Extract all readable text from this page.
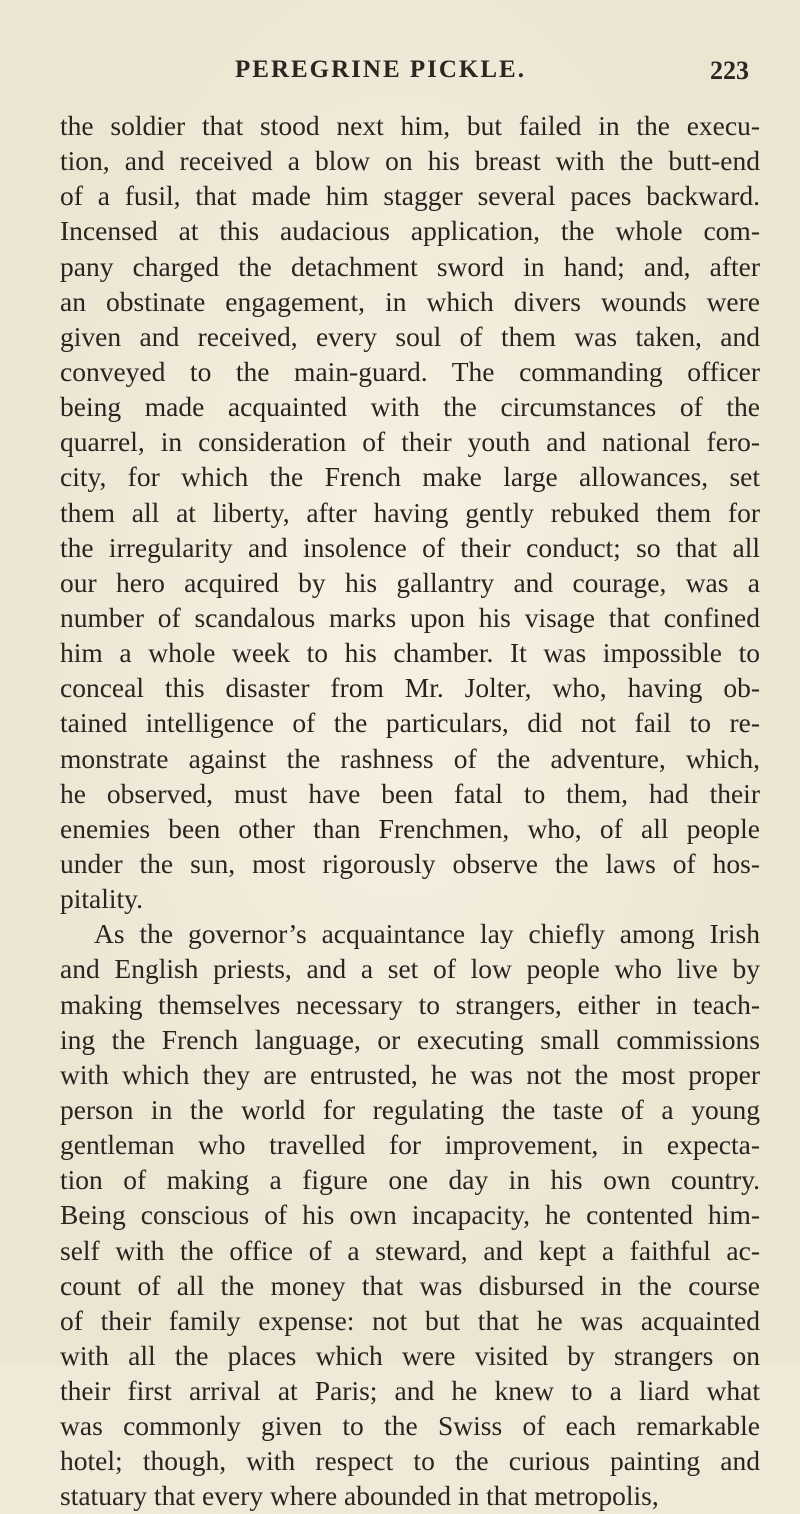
PEREGRINE PICKLE.	223
the soldier that stood next him, but failed in the execu-
tion, and received a blow on his breast with the butt-end
of a fusil, that made him stagger several paces backward.
Incensed at this audacious application, the whole com-
pany charged the detachment sword in hand; and, after
an obstinate engagement, in which divers wounds were
given and received, every soul of them was taken, and
conveyed to the main-guard. The commanding officer
being made acquainted with the circumstances of the
quarrel, in consideration of their youth and national fero-
city, for which the French make large allowances, set
them all at liberty, after having gently rebuked them for
the irregularity and insolence of their conduct; so that all
our hero acquired by his gallantry and courage, was a
number of scandalous marks upon his visage that confined
him a whole week to his chamber. It was impossible to
conceal this disaster from Mr. Jolter, who, having ob-
tained intelligence of the particulars, did not fail to re-
monstrate against the rashness of the adventure, which,
he observed, must have been fatal to them, had their
enemies been other than Frenchmen, who, of all people
under the sun, most rigorously observe the laws of hos-
pitality.
As the governor’s acquaintance lay chiefly among Irish
and English priests, and a set of low people who live by
making themselves necessary to strangers, either in teach-
ing the French language, or executing small commissions
with which they are entrusted, he was not the most proper
person in the world for regulating the taste of a young
gentleman who travelled for improvement, in expecta-
tion of making a figure one day in his own country.
Being conscious of his own incapacity, he contented him-
self with the office of a steward, and kept a faithful ac-
count of all the money that was disbursed in the course
of their family expense: not but that he was acquainted
with all the places which were visited by strangers on
their first arrival at Paris; and he knew to a liard what
was commonly given to the Swiss of each remarkable
hotel; though, with respect to the curious painting and
statuary that every where abounded in that metropolis,
